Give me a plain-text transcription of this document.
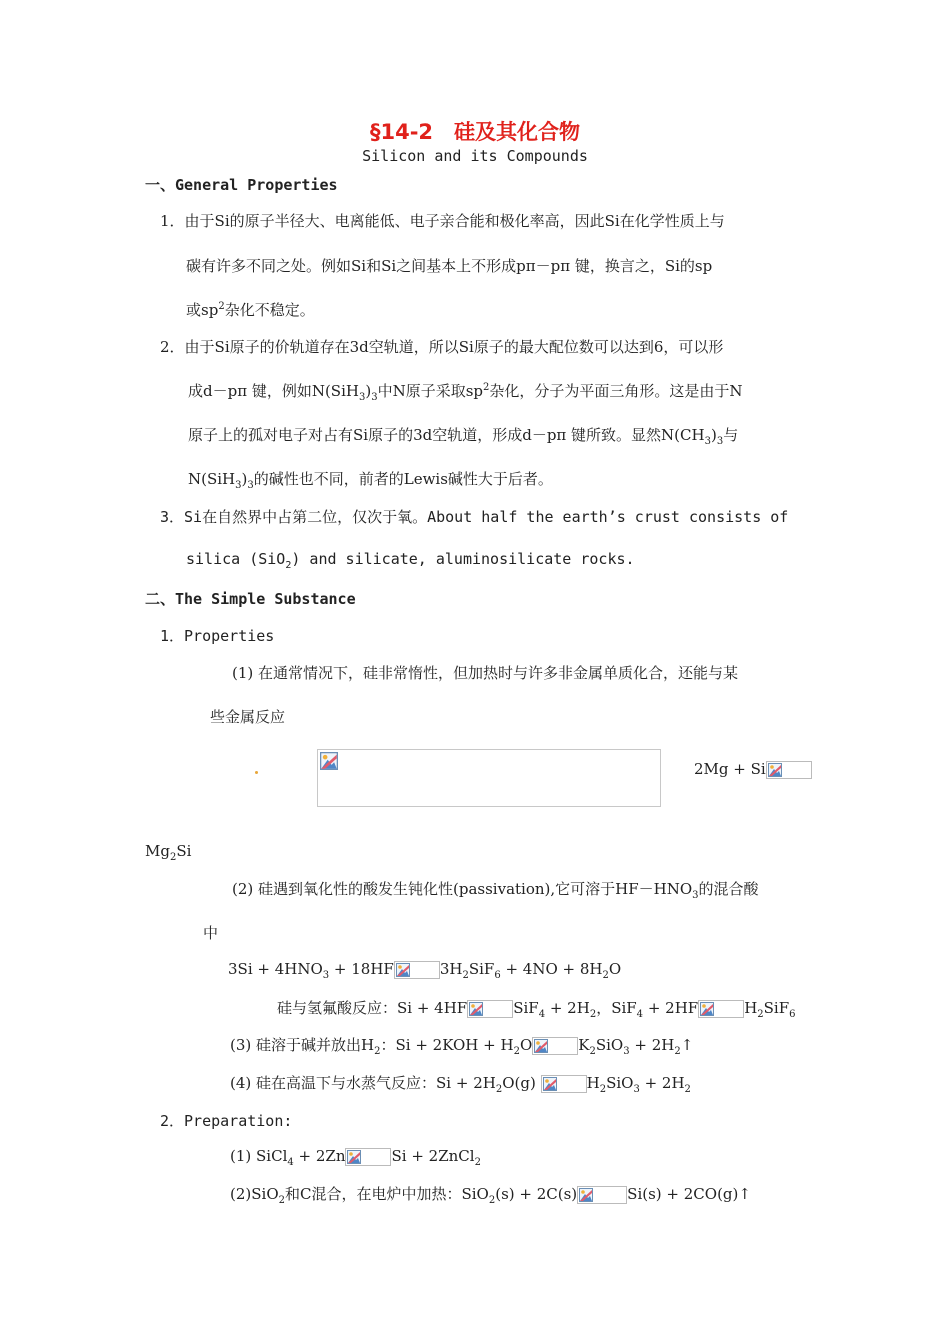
§14-2　硅及其化合物
Silicon and its Compounds
一、General Properties
1．由于Si的原子半径大、电离能低、电子亲合能和极化率高，因此Si在化学性质上与
碳有许多不同之处。例如Si和Si之间基本上不形成pπ－pπ 键，换言之，Si的sp
或$sp^2$杂化不稳定。
2．由于Si原子的价轨道存在3d空轨道，所以Si原子的最大配位数可以达到6，可以形
成d－pπ 键，例如$N(SiH_3)_3$中N原子采取$sp^2$杂化，分子为平面三角形。这是由于N
原子上的孤对电子对占有Si原子的3d空轨道，形成d－pπ 键所致。显然$N(CH_3)_3$与
$N(SiH_3)_3$的碱性也不同，前者的Lewis碱性大于后者。
3．Si在自然界中占第二位，仅次于氧。About half the earth’s crust consists of
silica (SiO$_2$) and silicate, aluminosilicate rocks.
二、The Simple Substance
1．Properties
(1) 在通常情况下，硅非常惰性，但加热时与许多非金属单质化合，还能与某
些金属反应
2Mg + Si
$Mg_2Si$
(2) 硅遇到氧化性的酸发生钝化性(passivation),它可溶于$HF-HNO_3$的混合酸
中
$3Si + 4HNO_3 + 18HF$	$3H_2SiF_6 + 4NO + 8H_2O$
硅与氢氟酸反应：Si + 4HF	$SiF_4 + 2H_2$，SiF$_4$ + 2HF	$H_2SiF_6$
(3) 硅溶于碱并放出$H_2$：$Si + 2KOH + H_2O$	$K_2SiO_3$ + $2H_2↑$
(4) 硅在高温下与水蒸气反应：$Si + 2H_2O(g)$	$H_2SiO_3 + 2H_2$
2．Preparation:
(1) SiCl$_4$ + 2Zn	Si + 2ZnCl$_2$
(2)SiO$_2$和C混合，在电炉中加热：SiO$_2$(s) + 2C(s)	Si(s) + 2CO(g)↑
